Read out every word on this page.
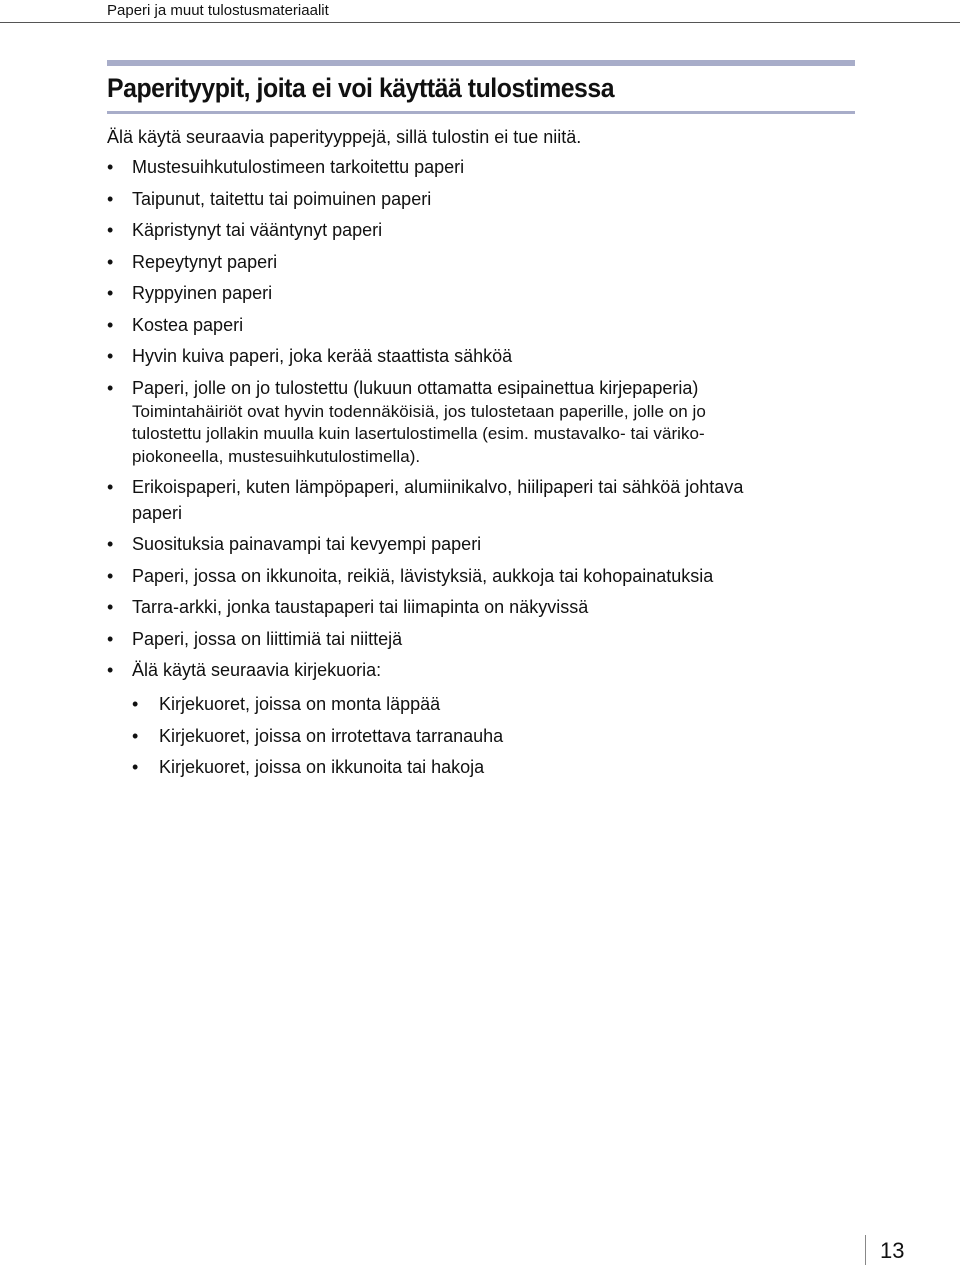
Paperi ja muut tulostusmateriaalit
Paperityypit, joita ei voi käyttää tulostimessa

Älä käytä seuraavia paperityyppejä, sillä tulostin ei tue niitä.

•	Mustesuihkutulostimeen tarkoitettu paperi
•	Taipunut, taitettu tai poimuinen paperi
•	Käpristynyt tai vääntynyt paperi
•	Repeytynyt paperi
•	Ryppyinen paperi
•	Kostea paperi
•	Hyvin kuiva paperi, joka kerää staattista sähköä
•	Paperi, jolle on jo tulostettu (lukuun ottamatta esipainettua kirjepaperia)
Toimintahäiriöt ovat hyvin todennäköisiä, jos tulostetaan paperille, jolle on jo
tulostettu jollakin muulla kuin lasertulostimella (esim. mustavalko- tai väriko-
piokoneella, mustesuihkutulostimella).
•	Erikoispaperi, kuten lämpöpaperi, alumiinikalvo, hiilipaperi tai sähköä johtava
paperi
•	Suosituksia painavampi tai kevyempi paperi
•	Paperi, jossa on ikkunoita, reikiä, lävistyksiä, aukkoja tai kohopainatuksia
•	Tarra-arkki, jonka taustapaperi tai liimapinta on näkyvissä
•	Paperi, jossa on liittimiä tai niittejä
•	Älä käytä seuraavia kirjekuoria:
•	Kirjekuoret, joissa on monta läppää
•	Kirjekuoret, joissa on irrotettava tarranauha
•	Kirjekuoret, joissa on ikkunoita tai hakoja
13
